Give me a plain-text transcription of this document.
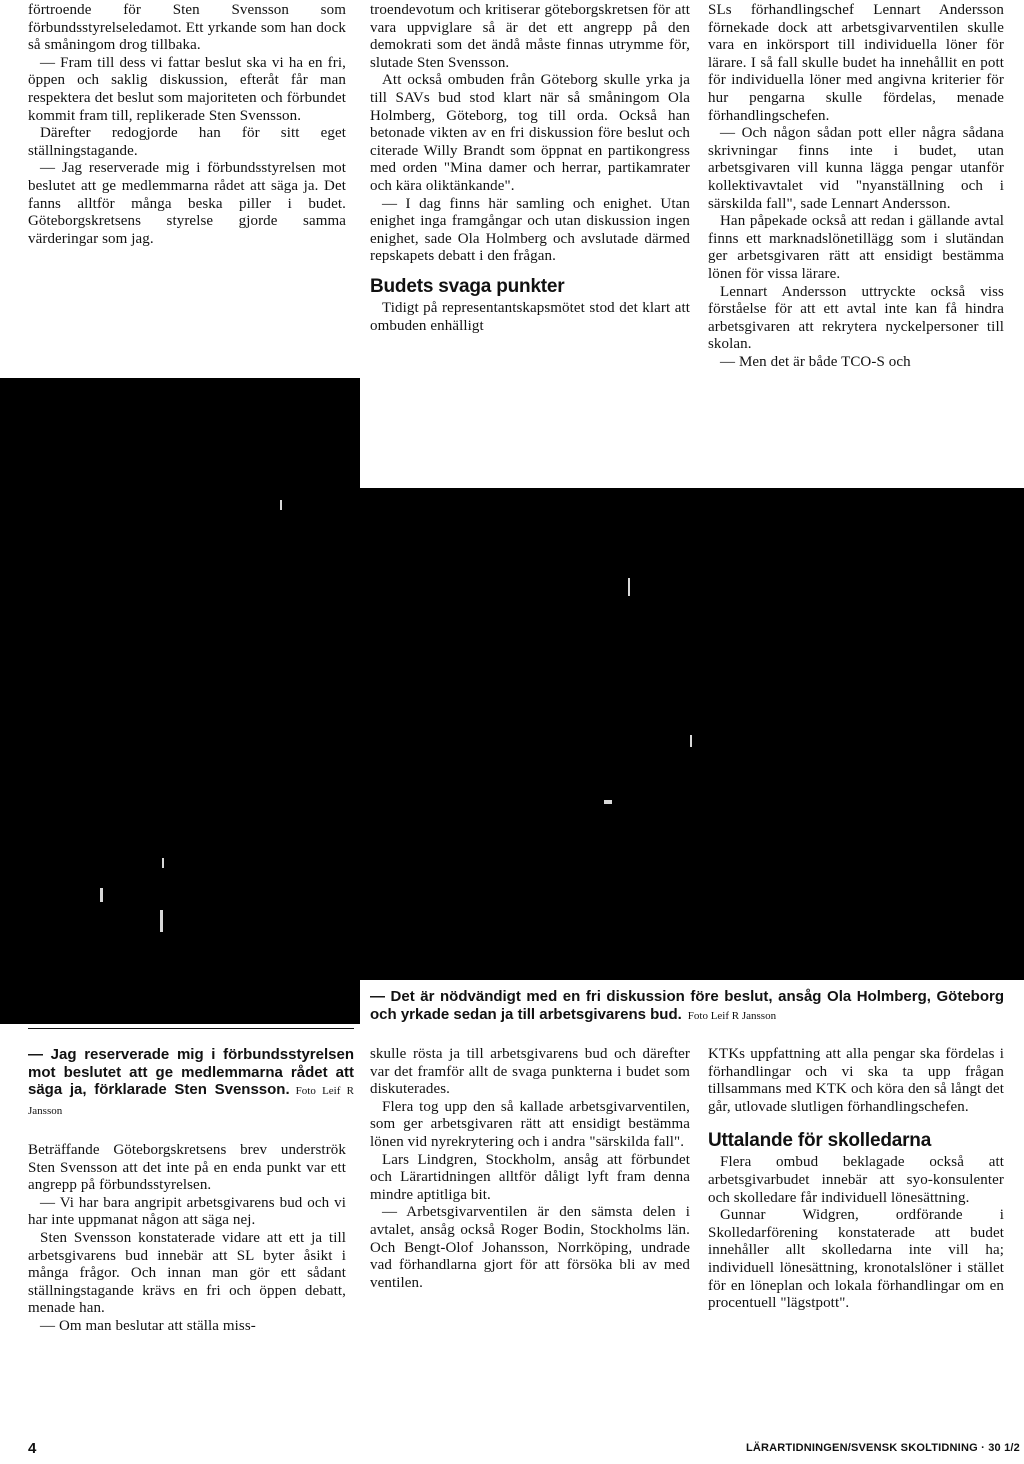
förtroende för Sten Svensson som förbundsstyrelseledamot. Ett yrkande som han dock så småningom drog tillbaka.

— Fram till dess vi fattar beslut ska vi ha en fri, öppen och saklig diskussion, efteråt får man respektera det beslut som majoriteten och förbundet kommit fram till, replikerade Sten Svensson.

Därefter redogjorde han för sitt eget ställningstagande.

— Jag reserverade mig i förbundsstyrelsen mot beslutet att ge medlemmarna rådet att säga ja. Det fanns alltför många beska piller i budet. Göteborgskretsens styrelse gjorde samma värderingar som jag.

troendevotum och kritiserar göteborgskretsen för att vara uppviglare så är det ett angrepp på den demokrati som det ändå måste finnas utrymme för, slutade Sten Svensson.

Att också ombuden från Göteborg skulle yrka ja till SAVs bud stod klart när så småningom Ola Holmberg, Göteborg, tog till orda. Också han betonade vikten av en fri diskussion före beslut och citerade Willy Brandt som öppnat en partikongress med orden "Mina damer och herrar, partikamrater och kära oliktänkande".

— I dag finns här samling och enighet. Utan enighet inga framgångar och utan diskussion ingen enighet, sade Ola Holmberg och avslutade därmed repskapets debatt i den frågan.

Budets svaga punkter

Tidigt på representantskapsmötet stod det klart att ombuden enhälligt

SLs förhandlingschef Lennart Andersson förnekade dock att arbetsgivarventilen skulle vara en inkörsport till individuella löner för lärare. I så fall skulle budet ha innehållit en pott för individuella löner med angivna kriterier för hur pengarna skulle fördelas, menade förhandlingschefen.

— Och någon sådan pott eller några sådana skrivningar finns inte i budet, utan arbetsgivaren vill kunna lägga pengar utanför kollektivavtalet vid "nyanställning och i särskilda fall", sade Lennart Andersson.

Han påpekade också att redan i gällande avtal finns ett marknadslönetillägg som i slutändan ger arbetsgivaren rätt att ensidigt bestämma lönen för vissa lärare.

Lennart Andersson uttryckte också viss förståelse för att ett avtal inte kan få hindra arbetsgivaren att rekrytera nyckelpersoner till skolan.

— Men det är både TCO-S och

— Det är nödvändigt med en fri diskussion före beslut, ansåg Ola Holmberg, Göteborg och yrkade sedan ja till arbetsgivarens bud. Foto Leif R Jansson
— Jag reserverade mig i förbundsstyrelsen mot beslutet att ge medlemmarna rådet att säga ja, förklarade Sten Svensson. Foto Leif R Jansson

Beträffande Göteborgskretsens brev underströk Sten Svensson att det inte på en enda punkt var ett angrepp på förbundsstyrelsen.

— Vi har bara angripit arbetsgivarens bud och vi har inte uppmanat någon att säga nej.

Sten Svensson konstaterade vidare att ett ja till arbetsgivarens bud innebär att SL byter åsikt i många frågor. Och innan man gör ett sådant ställningstagande krävs en fri och öppen debatt, menade han.

— Om man beslutar att ställa miss-

skulle rösta ja till arbetsgivarens bud och därefter var det framför allt de svaga punkterna i budet som diskuterades.

Flera tog upp den så kallade arbetsgivarventilen, som ger arbetsgivaren rätt att ensidigt bestämma lönen vid nyrekrytering och i andra "särskilda fall".

Lars Lindgren, Stockholm, ansåg att förbundet och Lärartidningen alltför dåligt lyft fram denna mindre aptitliga bit.

— Arbetsgivarventilen är den sämsta delen i avtalet, ansåg också Roger Bodin, Stockholms län. Och Bengt-Olof Johansson, Norrköping, undrade vad förhandlarna gjort för att försöka bli av med ventilen.

KTKs uppfattning att alla pengar ska fördelas i förhandlingar och vi ska ta upp frågan tillsammans med KTK och köra den så långt det går, utlovade slutligen förhandlingschefen.

Uttalande för skolledarna

Flera ombud beklagade också att arbetsgivarbudet innebär att syo-konsulenter och skolledare får individuell lönesättning.

Gunnar Widgren, ordförande i Skolledarförening konstaterade att budet innehåller allt skolledarna inte vill ha; individuell lönesättning, kronotalslöner i stället för en löneplan och lokala förhandlingar om en procentuell "lägstpott".

4	LÄRARTIDNINGEN/SVENSK SKOLTIDNING · 30 1/2
